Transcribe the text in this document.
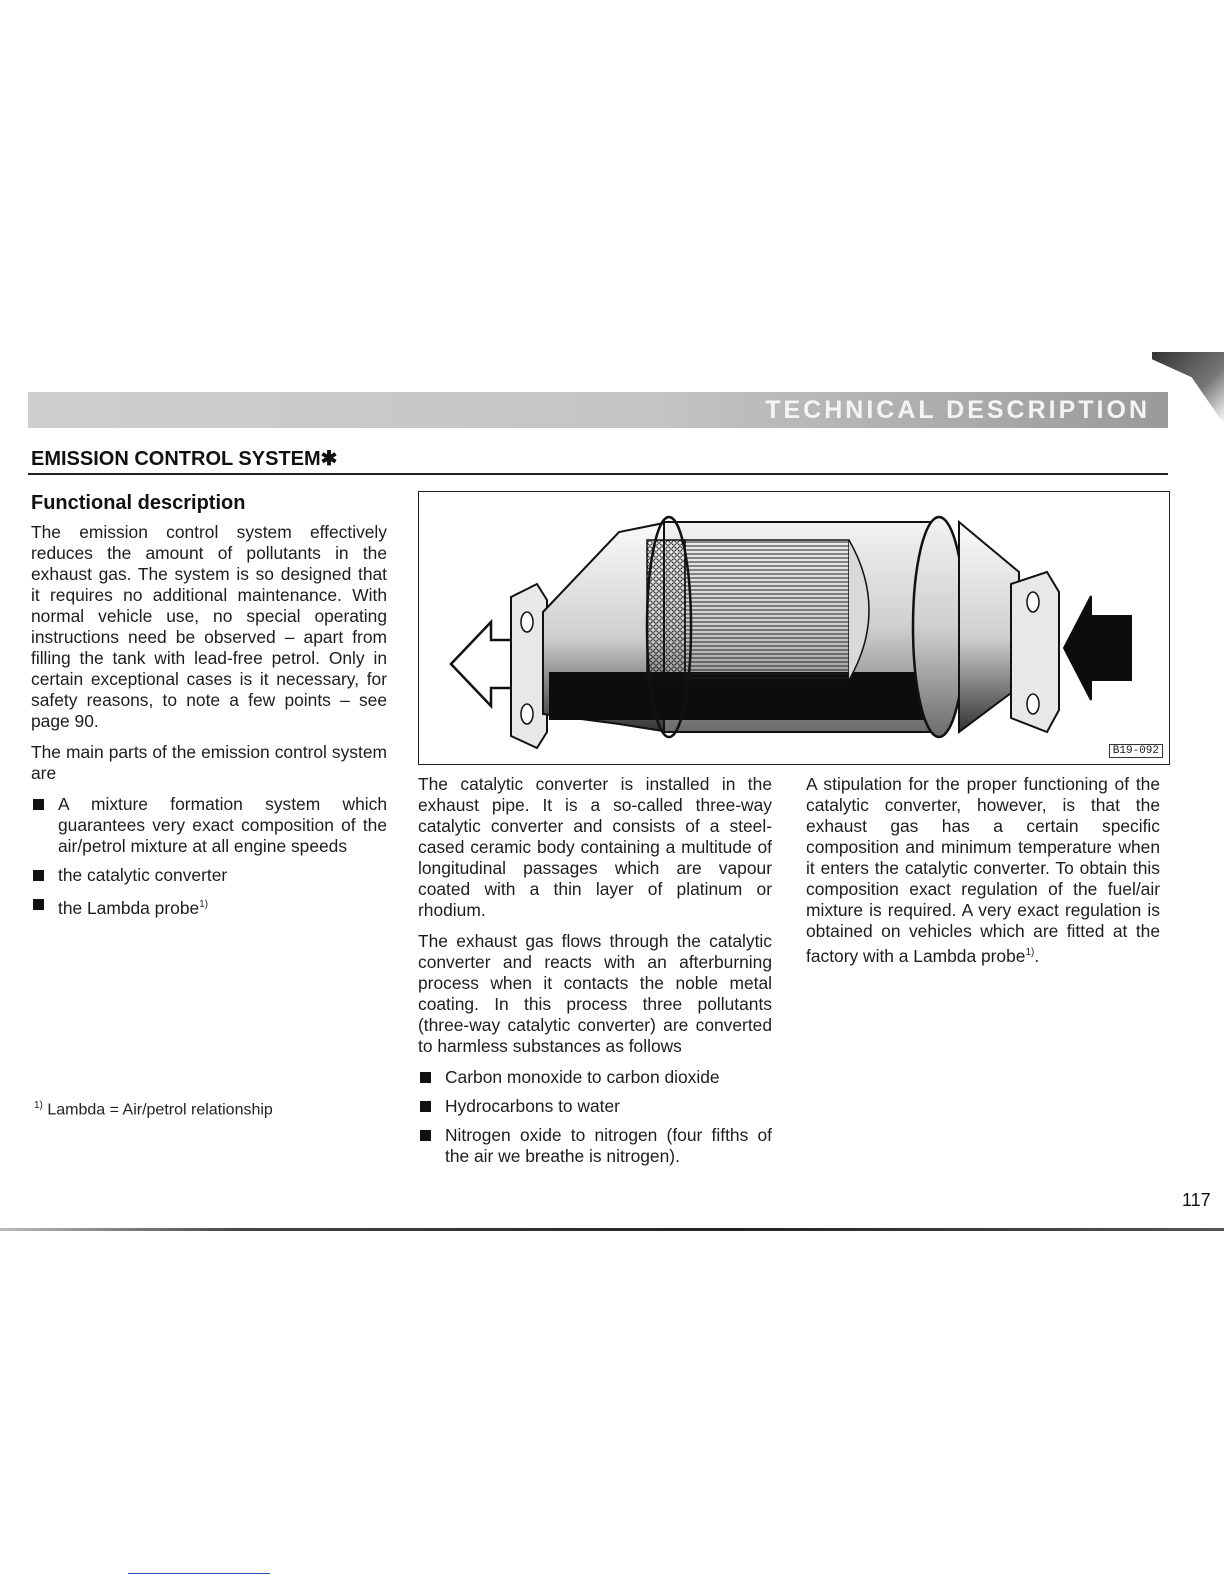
TECHNICAL DESCRIPTION
EMISSION CONTROL SYSTEM✱
Functional description

The emission control system effectively reduces the amount of pollutants in the exhaust gas. The system is so designed that it requires no additional maintenance. With normal vehicle use, no special operating instructions need be observed – apart from filling the tank with lead-free petrol. Only in certain exceptional cases is it necessary, for safety reasons, to note a few points – see page 90.

The main parts of the emission control system are

A mixture formation system which guarantees very exact composition of the air/petrol mixture at all engine speeds
the catalytic converter
the Lambda probe$^{1)}$
$^{1)}$ Lambda = Air/petrol relationship
B19-092

The catalytic converter is installed in the exhaust pipe. It is a so-called three-way catalytic converter and consists of a steel-cased ceramic body containing a multitude of longitudinal passages which are vapour coated with a thin layer of platinum or rhodium.

The exhaust gas flows through the catalytic converter and reacts with an afterburning process when it contacts the noble metal coating. In this process three pollutants (three-way catalytic converter) are converted to harmless substances as follows

Carbon monoxide to carbon dioxide
Hydrocarbons to water
Nitrogen oxide to nitrogen (four fifths of the air we breathe is nitrogen).

A stipulation for the proper functioning of the catalytic converter, however, is that the exhaust gas has a certain specific composition and minimum temperature when it enters the catalytic converter. To obtain this composition exact regulation of the fuel/air mixture is required. A very exact regulation is obtained on vehicles which are fitted at the factory with a Lambda probe$^{1)}$.

117
